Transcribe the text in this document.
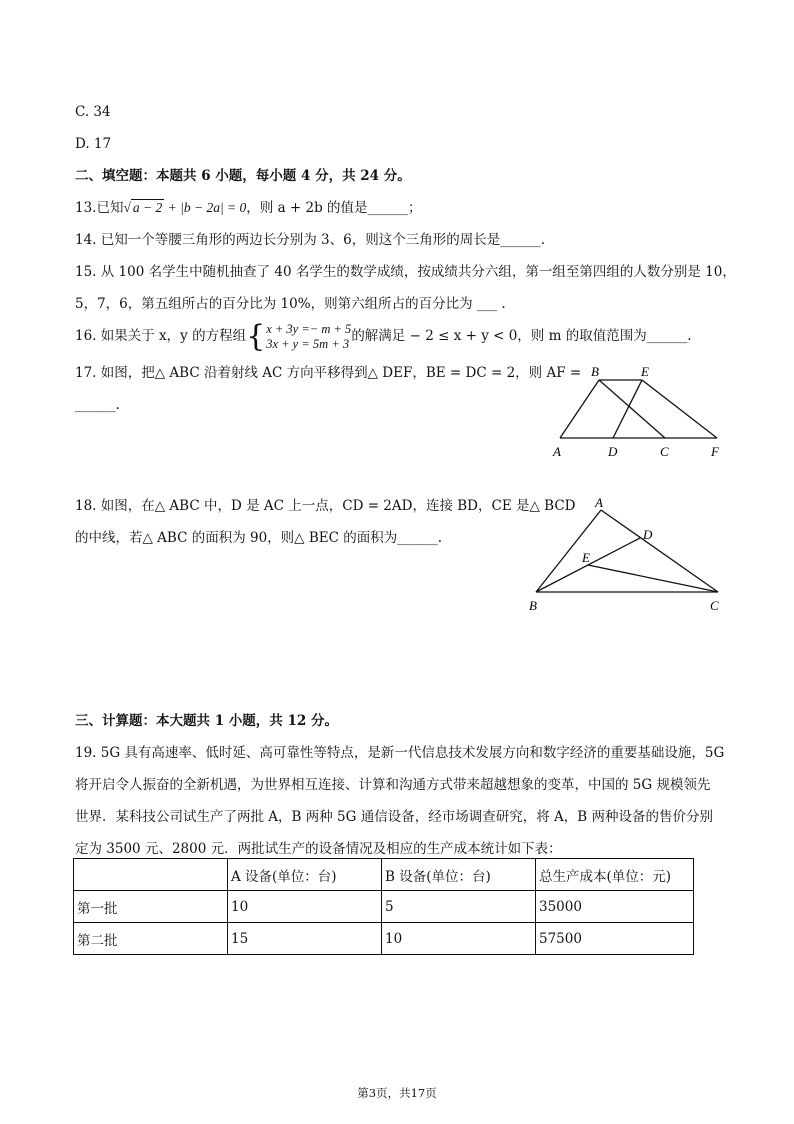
C. 34
D. 17
二、填空题：本题共 6 小题，每小题 4 分，共 24 分。
13.已知√ a − 2 + |b − 2a| = 0，则 a + 2b 的值是______；
14. 已知一个等腰三角形的两边长分别为 3、6，则这个三角形的周长是______.
15. 从 100 名学生中随机抽查了 40 名学生的数学成绩，按成绩共分六组，第一组至第四组的人数分别是 10，
5，7，6，第五组所占的百分比为 10%，则第六组所占的百分比为 ___ .
16. 如果关于 x，y 的方程组{x + 3y =− m + 5
3x + y = 5m + 3 的解满足 − 2 ≤ x + y < 0，则 m 的取值范围为______.
17. 如图，把△ ABC 沿着射线 AC 方向平移得到△ DEF，BE = DC = 2，则 AF =
______.
A
B	E
D	C	F
18. 如图，在△ ABC 中，D 是 AC 上一点，CD = 2AD，连接 BD，CE 是△ BCD
的中线，若△ ABC 的面积为 90，则△ BEC 的面积为______.
A
D
E
B	C
三、计算题：本大题共 1 小题，共 12 分。
19. 5G 具有高速率、低时延、高可靠性等特点，是新一代信息技术发展方向和数字经济的重要基础设施，5G
将开启令人振奋的全新机遇，为世界相互连接、计算和沟通方式带来超越想象的变革，中国的 5G 规模领先
世界．某科技公司试生产了两批 A，B 两种 5G 通信设备，经市场调查研究，将 A，B 两种设备的售价分别
定为 3500 元、2800 元．两批试生产的设备情况及相应的生产成本统计如下表：
	A 设备(单位：台)	B 设备(单位：台)	总生产成本(单位：元)
第一批	10	5	35000
第二批	15	10	57500
第3页，共17页
